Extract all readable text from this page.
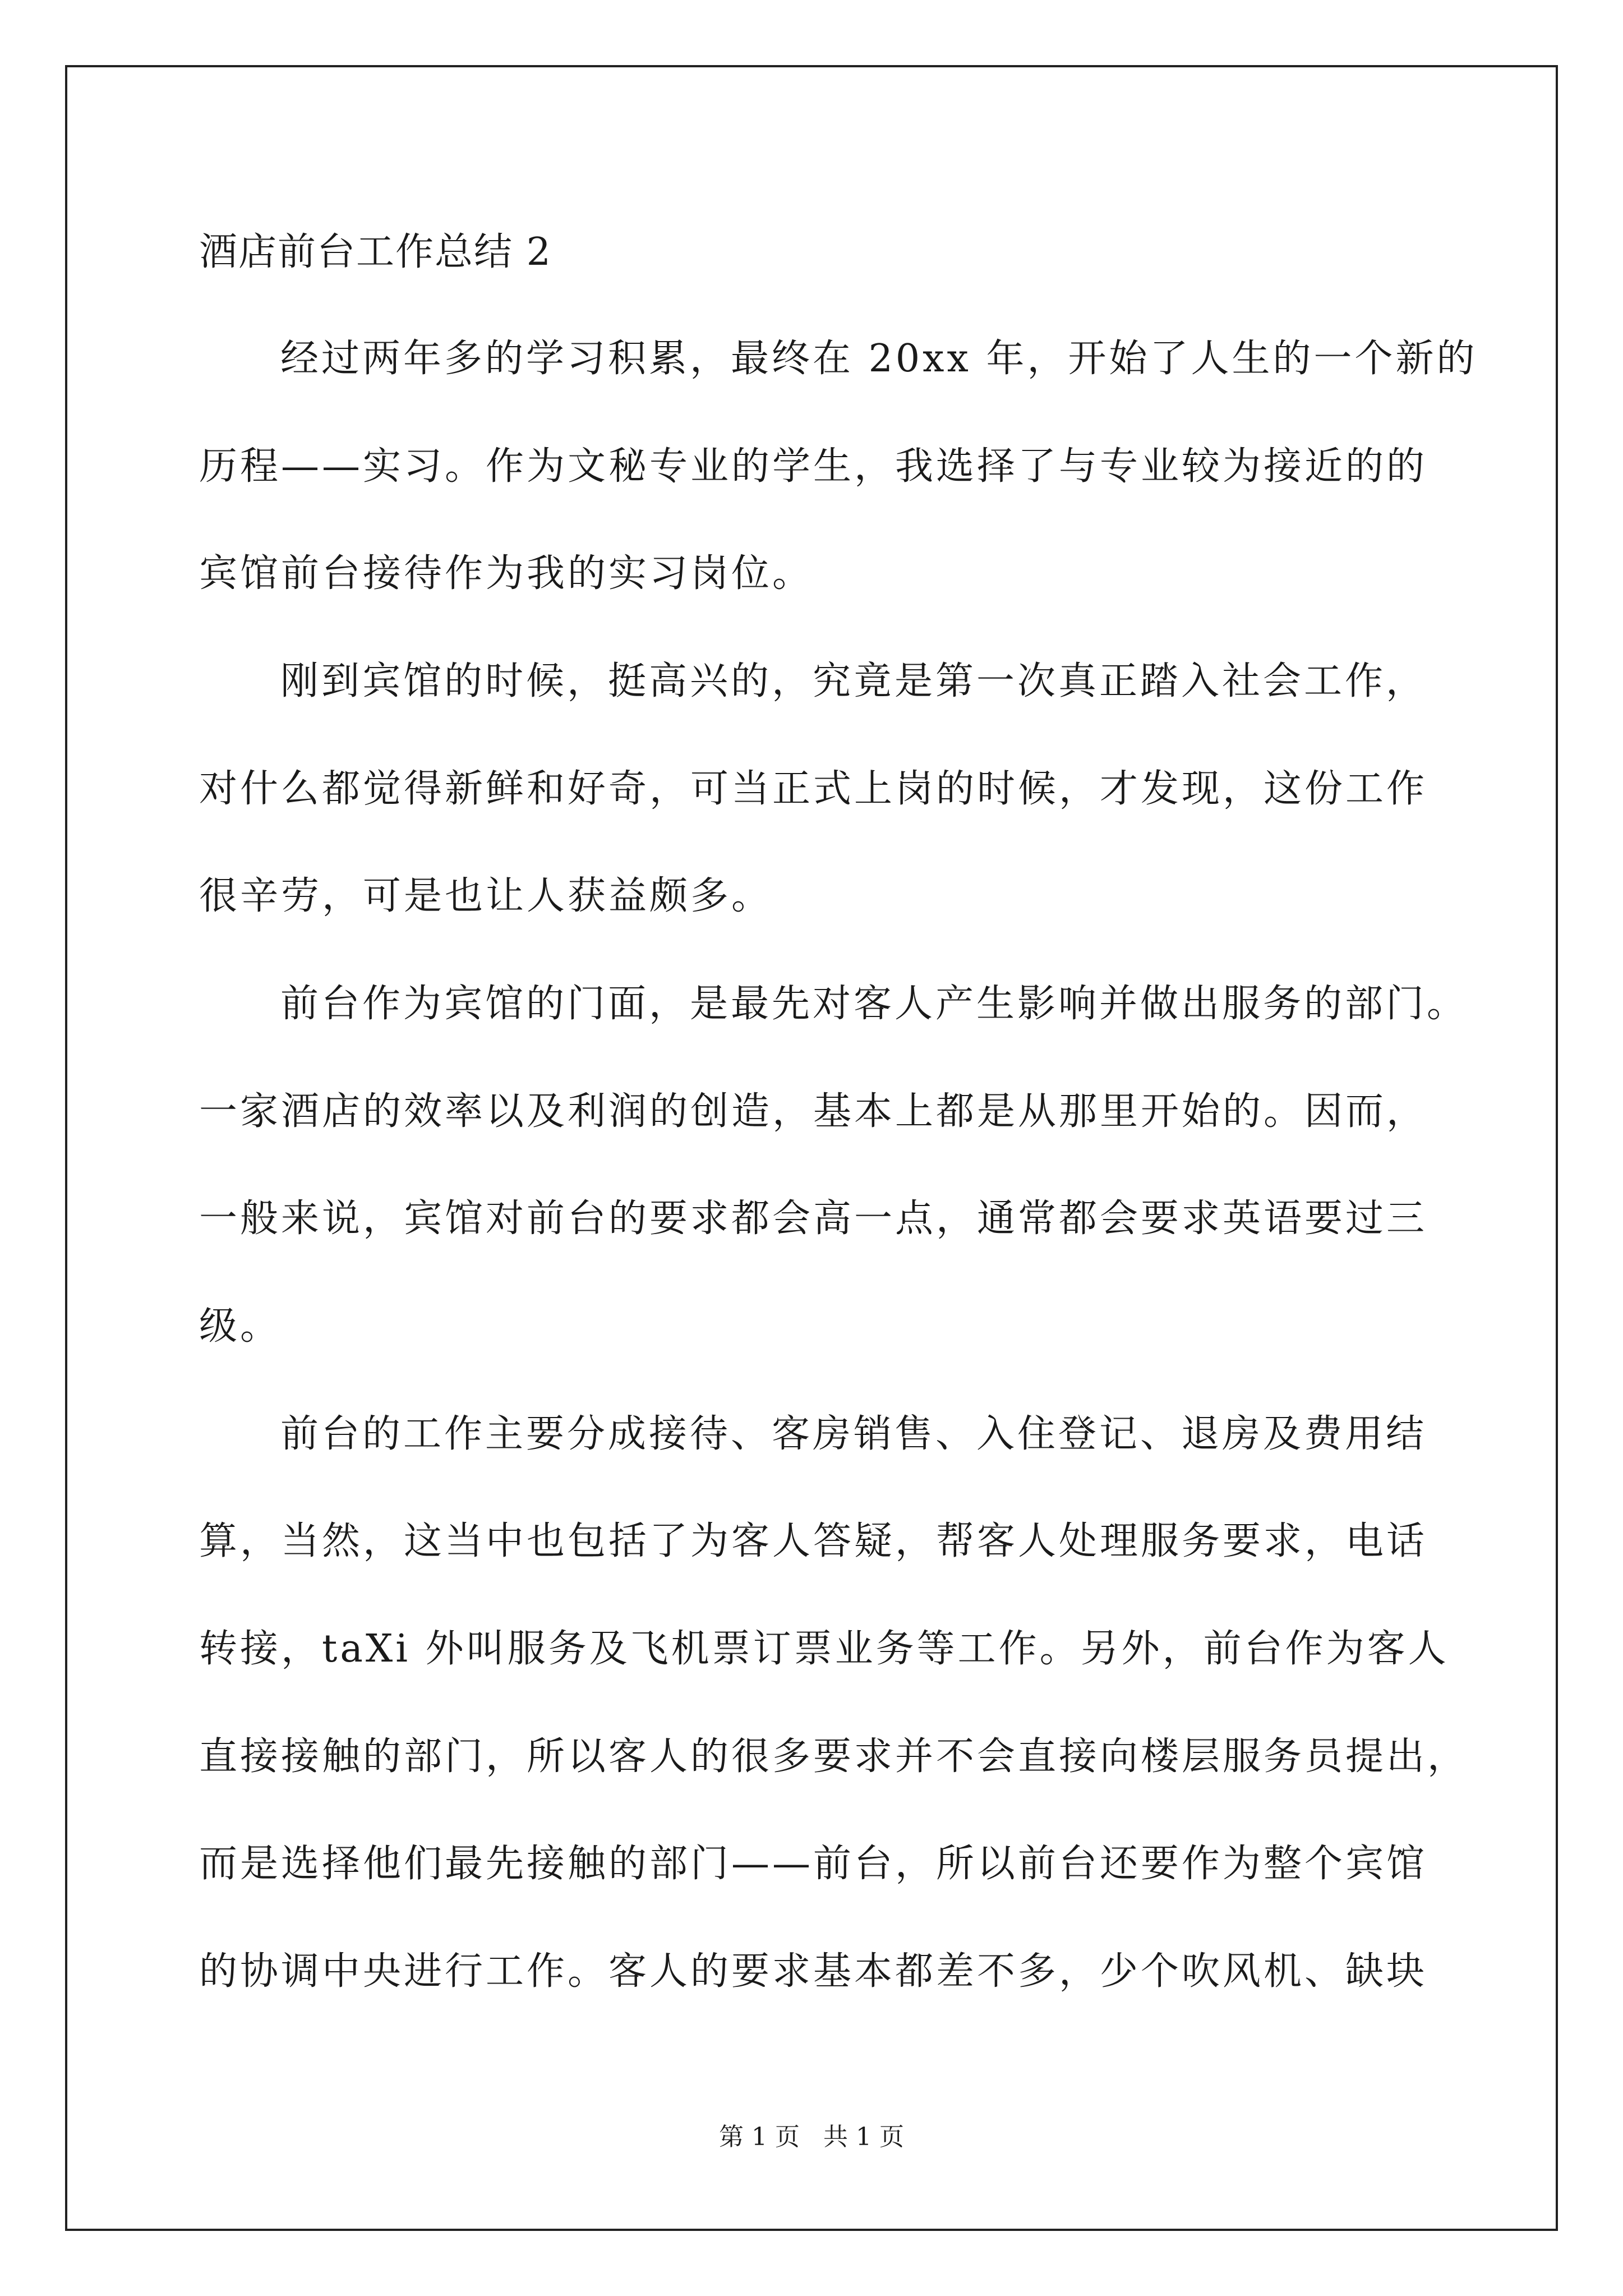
酒店前台工作总结 2
经过两年多的学习积累，最终在 20xx 年，开始了人生的一个新的
历程——实习。作为文秘专业的学生，我选择了与专业较为接近的的
宾馆前台接待作为我的实习岗位。
刚到宾馆的时候，挺高兴的，究竟是第一次真正踏入社会工作，
对什么都觉得新鲜和好奇，可当正式上岗的时候，才发现，这份工作
很辛劳，可是也让人获益颇多。
前台作为宾馆的门面，是最先对客人产生影响并做出服务的部门。
一家酒店的效率以及利润的创造，基本上都是从那里开始的。因而，
一般来说，宾馆对前台的要求都会高一点，通常都会要求英语要过三
级。
前台的工作主要分成接待、客房销售、入住登记、退房及费用结
算，当然，这当中也包括了为客人答疑，帮客人处理服务要求，电话
转接，taXi 外叫服务及飞机票订票业务等工作。另外，前台作为客人
直接接触的部门，所以客人的很多要求并不会直接向楼层服务员提出，
而是选择他们最先接触的部门——前台，所以前台还要作为整个宾馆
的协调中央进行工作。客人的要求基本都差不多，少个吹风机、缺块
第 1 页   共 1 页
